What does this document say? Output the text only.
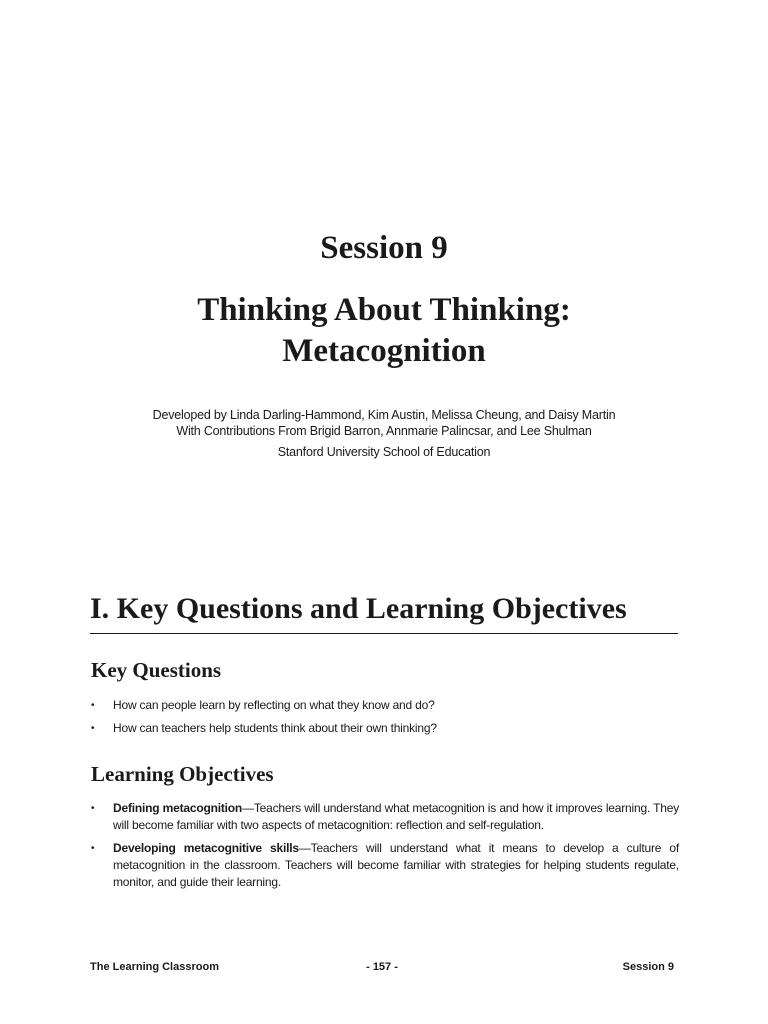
Session 9
Thinking About Thinking:
Metacognition
Developed by Linda Darling-Hammond, Kim Austin, Melissa Cheung, and Daisy Martin
With Contributions From Brigid Barron, Annmarie Palincsar, and Lee Shulman
Stanford University School of Education
I. Key Questions and Learning Objectives
Key Questions
• How can people learn by reflecting on what they know and do?
• How can teachers help students think about their own thinking?
Learning Objectives
• Defining metacognition—Teachers will understand what metacognition is and how it improves learning. They will become familiar with two aspects of metacognition: reflection and self-regulation.
• Developing metacognitive skills—Teachers will understand what it means to develop a culture of metacognition in the classroom. Teachers will become familiar with strategies for helping students regulate, monitor, and guide their learning.
The Learning Classroom	- 157 -	Session 9
